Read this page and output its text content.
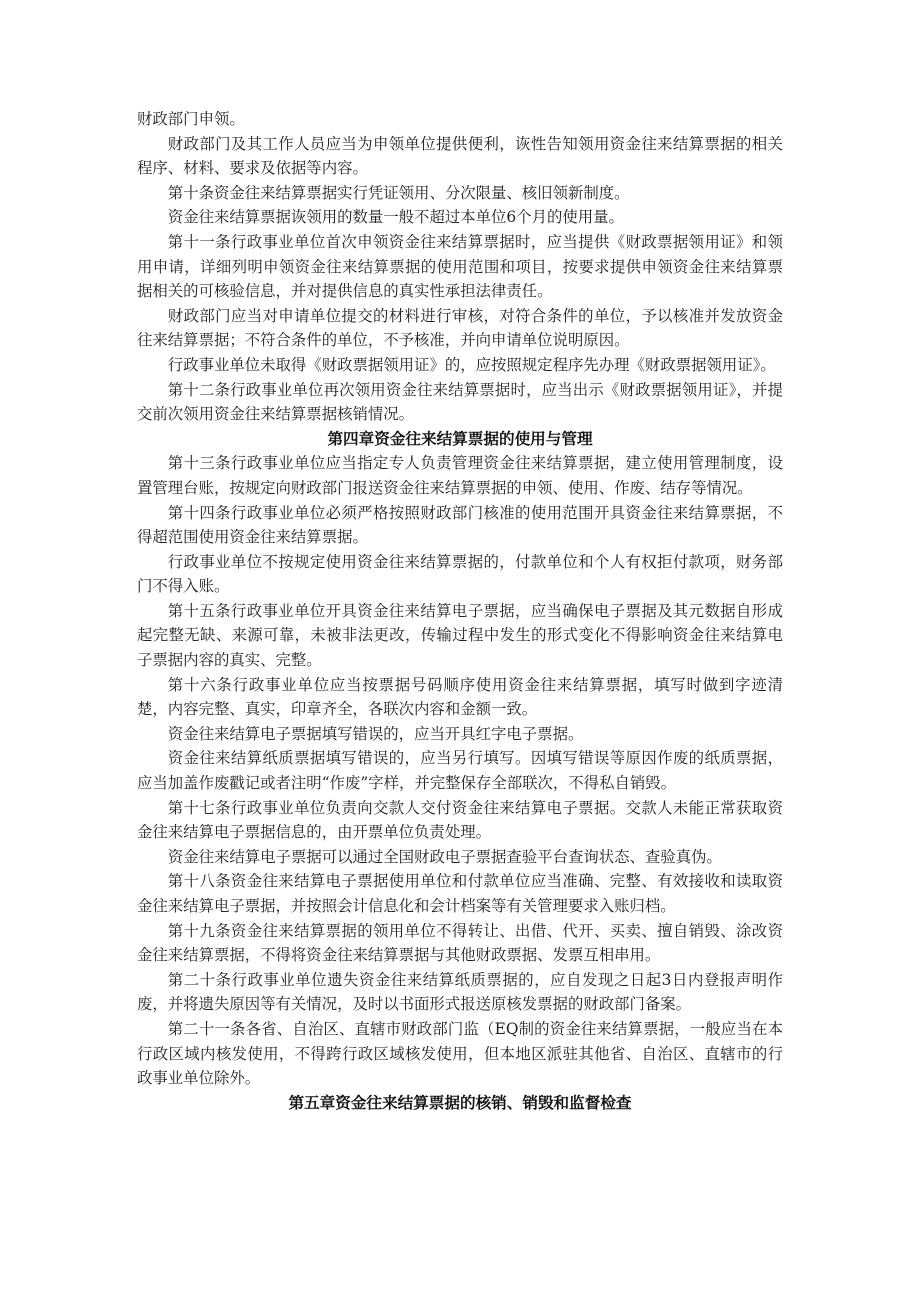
财政部门申领。

财政部门及其工作人员应当为申领单位提供便利，诙性告知领用资金往来结算票据的相关程序、材料、要求及依据等内容。

第十条资金往来结算票据实行凭证领用、分次限量、核旧领新制度。

资金往来结算票据诙领用的数量一般不超过本单位6个月的使用量。

第十一条行政事业单位首次申领资金往来结算票据时，应当提供《财政票据领用证》和领用申请，详细列明申领资金往来结算票据的使用范围和项目，按要求提供申领资金往来结算票据相关的可核验信息，并对提供信息的真实性承担法律责任。

财政部门应当对申请单位提交的材料进行审核，对符合条件的单位，予以核准并发放资金往来结算票据；不符合条件的单位，不予核准，并向申请单位说明原因。

行政事业单位未取得《财政票据领用证》的，应按照规定程序先办理《财政票据领用证》。

第十二条行政事业单位再次领用资金往来结算票据时，应当出示《财政票据领用证》，并提交前次领用资金往来结算票据核销情况。

第四章资金往来结算票据的使用与管理

第十三条行政事业单位应当指定专人负责管理资金往来结算票据，建立使用管理制度，设置管理台账，按规定向财政部门报送资金往来结算票据的申领、使用、作废、结存等情况。

第十四条行政事业单位必须严格按照财政部门核准的使用范围开具资金往来结算票据，不得超范围使用资金往来结算票据。

行政事业单位不按规定使用资金往来结算票据的，付款单位和个人有权拒付款项，财务部门不得入账。

第十五条行政事业单位开具资金往来结算电子票据，应当确保电子票据及其元数据自形成起完整无缺、来源可靠，未被非法更改，传输过程中发生的形式变化不得影响资金往来结算电子票据内容的真实、完整。

第十六条行政事业单位应当按票据号码顺序使用资金往来结算票据，填写时做到字迹清楚，内容完整、真实，印章齐全，各联次内容和金额一致。

资金往来结算电子票据填写错误的，应当开具红字电子票据。

资金往来结算纸质票据填写错误的，应当另行填写。因填写错误等原因作废的纸质票据，应当加盖作废戳记或者注明“作废”字样，并完整保存全部联次，不得私自销毁。

第十七条行政事业单位负责向交款人交付资金往来结算电子票据。交款人未能正常获取资金往来结算电子票据信息的，由开票单位负责处理。

资金往来结算电子票据可以通过全国财政电子票据查验平台查询状态、查验真伪。

第十八条资金往来结算电子票据使用单位和付款单位应当准确、完整、有效接收和读取资金往来结算电子票据，并按照会计信息化和会计档案等有关管理要求入账归档。

第十九条资金往来结算票据的领用单位不得转让、出借、代开、买卖、擅自销毁、涂改资金往来结算票据，不得将资金往来结算票据与其他财政票据、发票互相串用。

第二十条行政事业单位遗失资金往来结算纸质票据的，应自发现之日起3日内登报声明作废，并将遗失原因等有关情况，及时以书面形式报送原核发票据的财政部门备案。

第二十一条各省、自治区、直辖市财政部门监（EQ制的资金往来结算票据，一般应当在本行政区域内核发使用，不得跨行政区域核发使用，但本地区派驻其他省、自治区、直辖市的行政事业单位除外。

第五章资金往来结算票据的核销、销毁和监督检查
